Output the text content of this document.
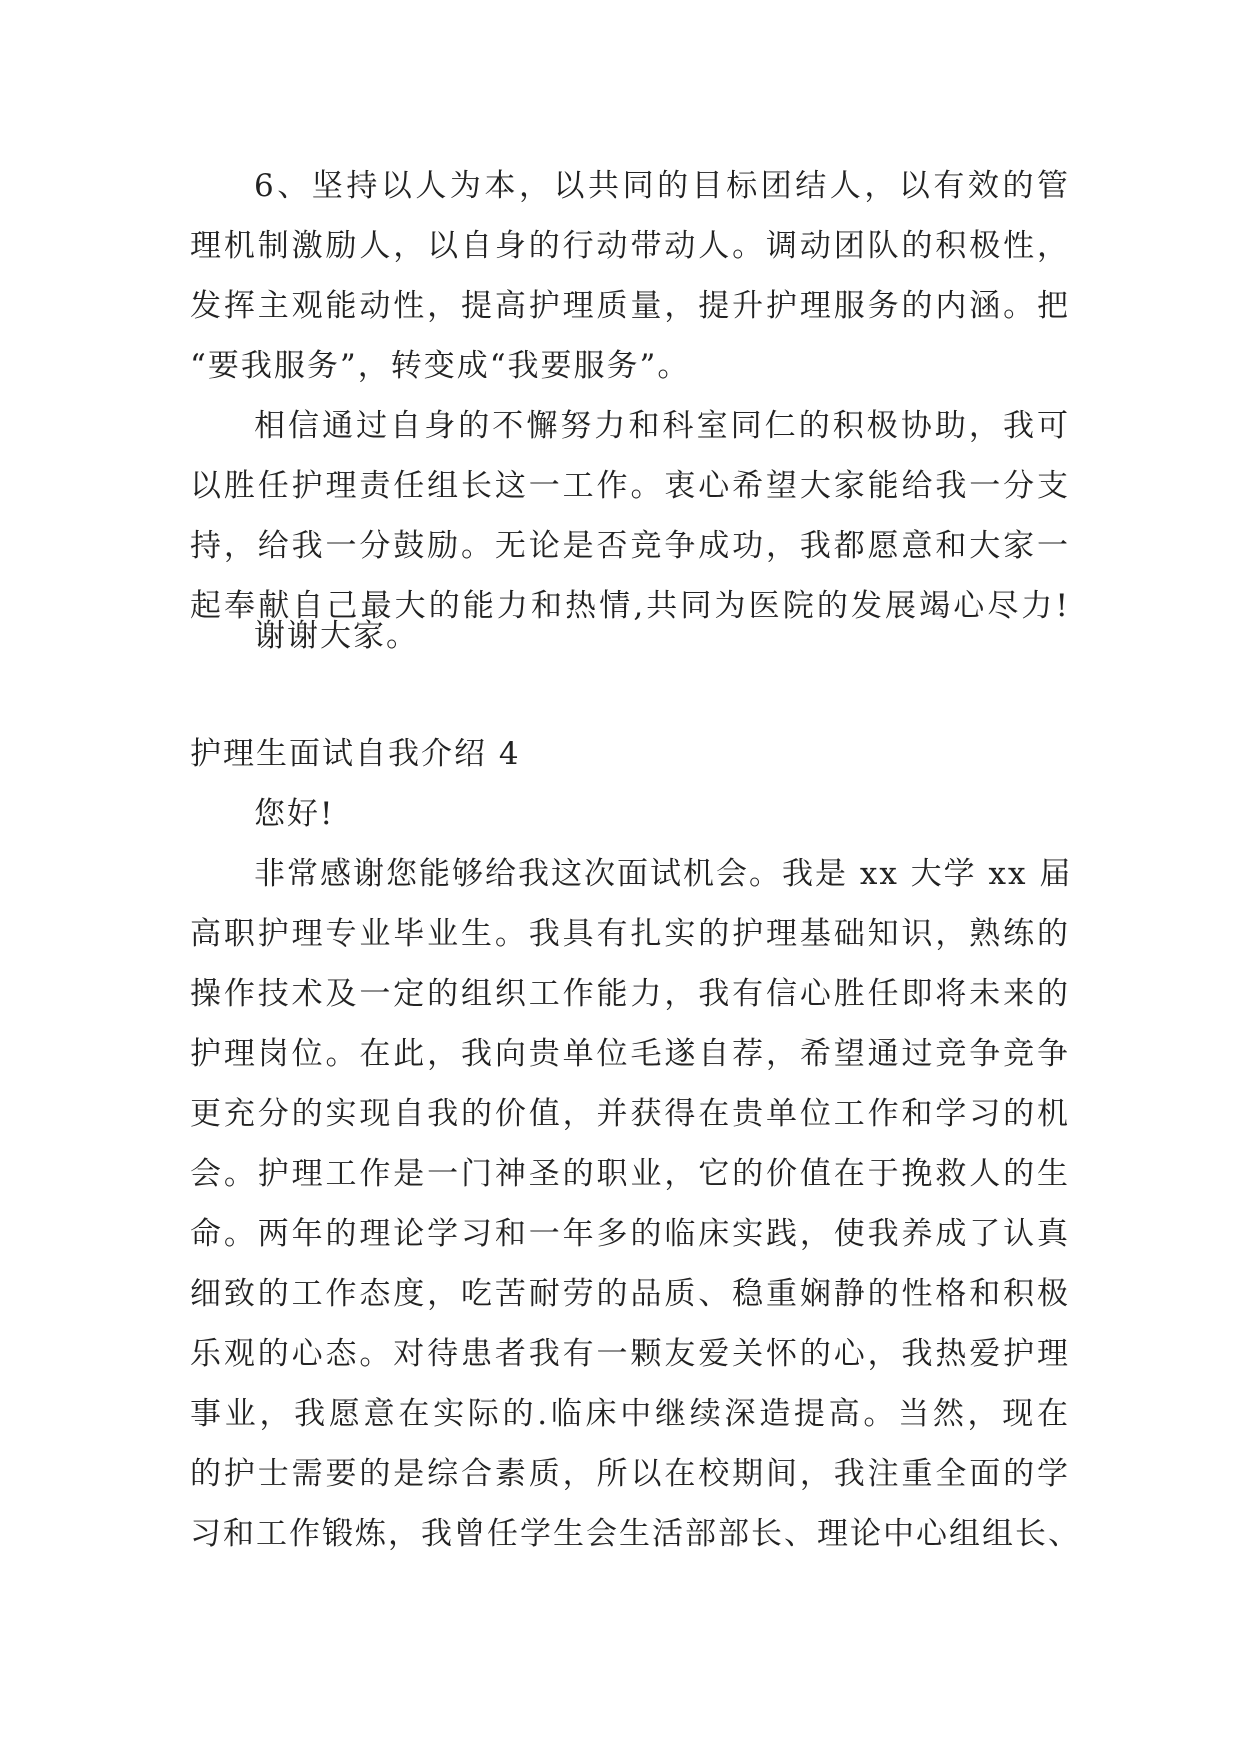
6、坚持以人为本，以共同的目标团结人，以有效的管
理机制激励人，以自身的行动带动人。调动团队的积极性，
发挥主观能动性，提高护理质量，提升护理服务的内涵。把
“要我服务”，转变成“我要服务”。
相信通过自身的不懈努力和科室同仁的积极协助，我可
以胜任护理责任组长这一工作。衷心希望大家能给我一分支
持，给我一分鼓励。无论是否竞争成功，我都愿意和大家一
起奉献自己最大的能力和热情,共同为医院的发展竭心尽力!
谢谢大家。
护理生面试自我介绍 4
您好!
非常感谢您能够给我这次面试机会。我是 xx 大学 xx 届
高职护理专业毕业生。我具有扎实的护理基础知识，熟练的
操作技术及一定的组织工作能力，我有信心胜任即将未来的
护理岗位。在此，我向贵单位毛遂自荐，希望通过竞争竞争
更充分的实现自我的价值，并获得在贵单位工作和学习的机
会。护理工作是一门神圣的职业，它的价值在于挽救人的生
命。两年的理论学习和一年多的临床实践，使我养成了认真
细致的工作态度，吃苦耐劳的品质、稳重娴静的性格和积极
乐观的心态。对待患者我有一颗友爱关怀的心，我热爱护理
事业，我愿意在实际的.临床中继续深造提高。当然，现在
的护士需要的是综合素质，所以在校期间，我注重全面的学
习和工作锻炼，我曾任学生会生活部部长、理论中心组组长、
